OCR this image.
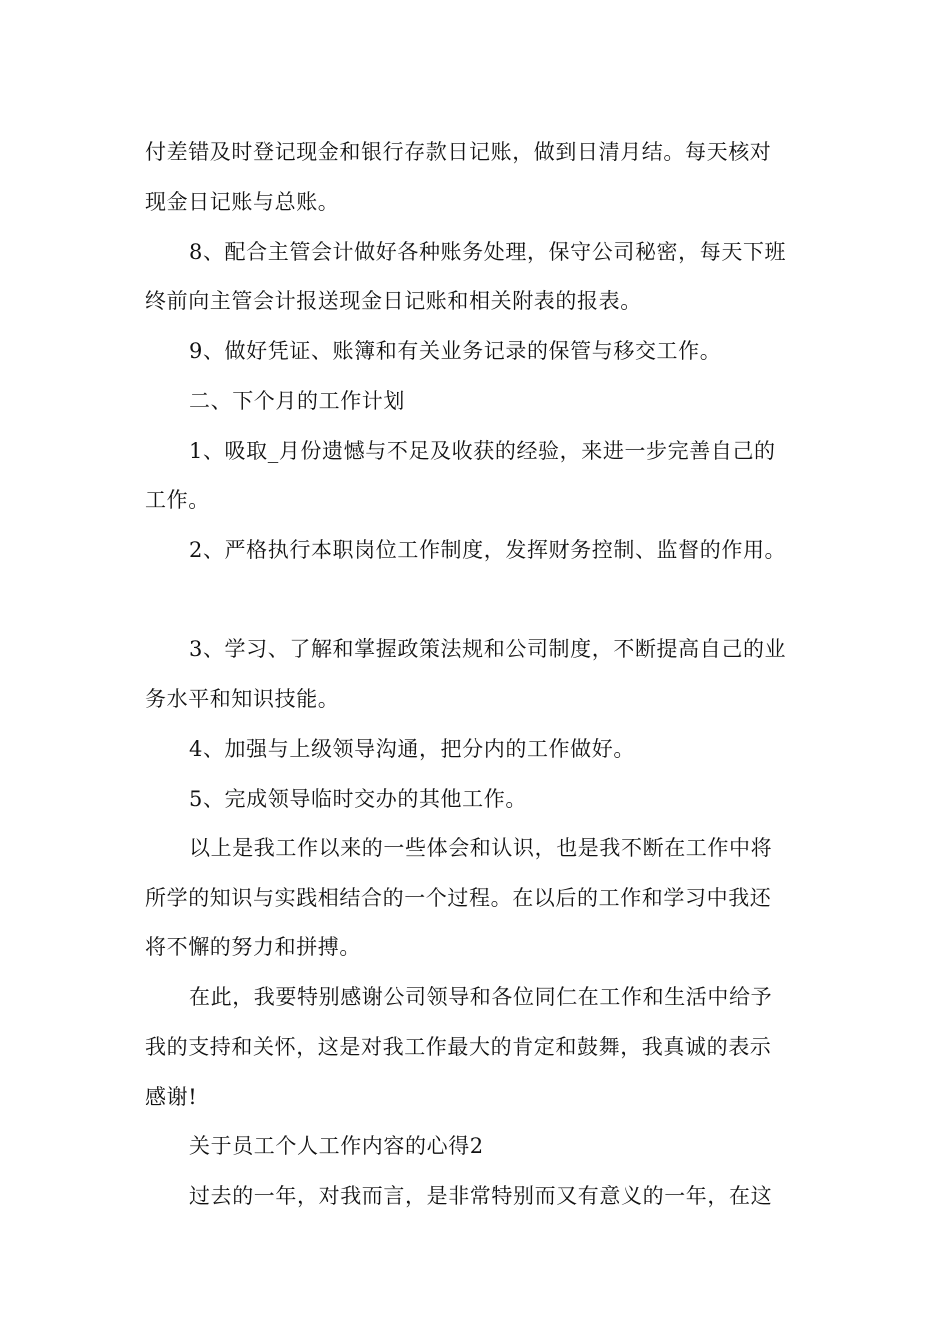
付差错及时登记现金和银行存款日记账，做到日清月结。每天核对
现金日记账与总账。
8、配合主管会计做好各种账务处理，保守公司秘密，每天下班
终前向主管会计报送现金日记账和相关附表的报表。
9、做好凭证、账簿和有关业务记录的保管与移交工作。
二、下个月的工作计划
1、吸取_月份遗憾与不足及收获的经验，来进一步完善自己的
工作。
2、严格执行本职岗位工作制度，发挥财务控制、监督的作用。
3、学习、了解和掌握政策法规和公司制度，不断提高自己的业
务水平和知识技能。
4、加强与上级领导沟通，把分内的工作做好。
5、完成领导临时交办的其他工作。
以上是我工作以来的一些体会和认识，也是我不断在工作中将
所学的知识与实践相结合的一个过程。在以后的工作和学习中我还
将不懈的努力和拼搏。
在此，我要特别感谢公司领导和各位同仁在工作和生活中给予
我的支持和关怀，这是对我工作最大的肯定和鼓舞，我真诚的表示
感谢!
关于员工个人工作内容的心得2
过去的一年，对我而言，是非常特别而又有意义的一年，在这
